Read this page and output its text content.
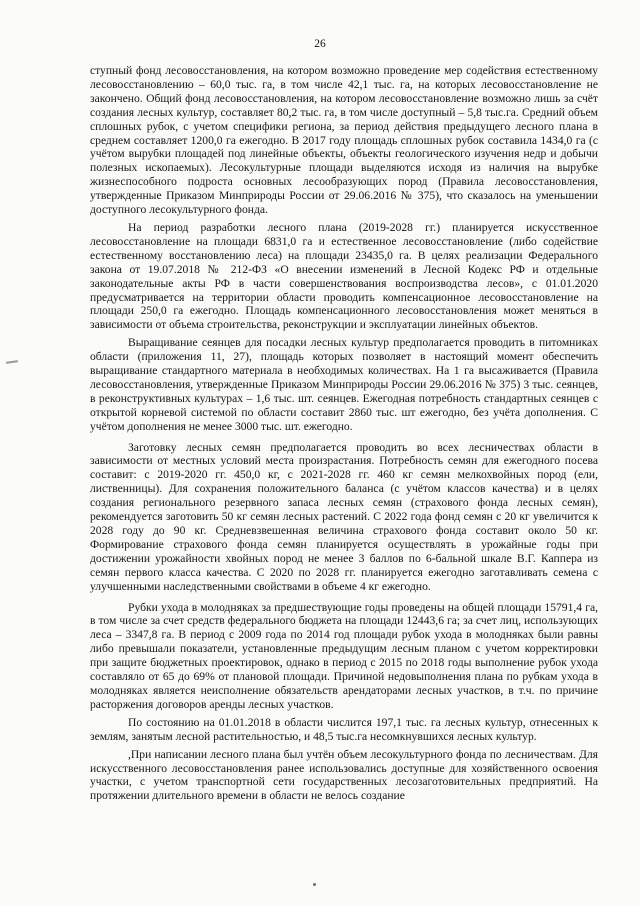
26

ступный фонд лесовосстановления, на котором возможно проведение мер содействия естественному лесовосстановлению – 60,0 тыс. га, в том числе 42,1 тыс. га, на которых лесовосстановление не закончено. Общий фонд лесовосстановления, на котором лесовосстановление возможно лишь за счёт создания лесных культур, составляет 80,2 тыс. га, в том числе доступный – 5,8 тыс.га. Средний объем сплошных рубок, с учетом специфики региона, за период действия предыдущего лесного плана в среднем составляет 1200,0 га ежегодно. В 2017 году площадь сплошных рубок составила 1434,0 га (с учётом вырубки площадей под линейные объекты, объекты геологического изучения недр и добычи полезных ископаемых). Лесокультурные площади выделяются исходя из наличия на вырубке жизнеспособного подроста основных лесообразующих пород (Правила лесовосстановления, утвержденные Приказом Минприроды России от 29.06.2016 № 375), что сказалось на уменьшении доступного лесокультурного фонда.

На период разработки лесного плана (2019-2028 гг.) планируется искусственное лесовосстановление на площади 6831,0 га и естественное лесовосстановление (либо содействие естественному восстановлению леса) на площади 23435,0 га. В целях реализации Федерального закона от 19.07.2018 № 212-ФЗ «О внесении изменений в Лесной Кодекс РФ и отдельные законодательные акты РФ в части совершенствования воспроизводства лесов», с 01.01.2020 предусматривается на территории области проводить компенсационное лесовосстановление на площади 250,0 га ежегодно. Площадь компенсационного лесовосстановления может меняться в зависимости от объема строительства, реконструкции и эксплуатации линейных объектов.

Выращивание сеянцев для посадки лесных культур предполагается проводить в питомниках области (приложения 11, 27), площадь которых позволяет в настоящий момент обеспечить выращивание стандартного материала в необходимых количествах. На 1 га высаживается (Правила лесовосстановления, утвержденные Приказом Минприроды России 29.06.2016 № 375) 3 тыс. сеянцев, в реконструктивных культурах – 1,6 тыс. шт. сеянцев. Ежегодная потребность стандартных сеянцев с открытой корневой системой по области составит 2860 тыс. шт ежегодно, без учёта дополнения. С учётом дополнения не менее 3000 тыс. шт. ежегодно.

Заготовку лесных семян предполагается проводить во всех лесничествах области в зависимости от местных условий места произрастания. Потребность семян для ежегодного посева составит: с 2019-2020 гг. 450,0 кг, с 2021-2028 гг. 460 кг семян мелкохвойных пород (ели, лиственницы). Для сохранения положительного баланса (с учётом классов качества) и в целях создания регионального резервного запаса лесных семян (страхового фонда лесных семян), рекомендуется заготовить 50 кг семян лесных растений. С 2022 года фонд семян с 20 кг увеличится к 2028 году до 90 кг. Средневзвешенная величина страхового фонда составит около 50 кг. Формирование страхового фонда семян планируется осуществлять в урожайные годы при достижении урожайности хвойных пород не менее 3 баллов по 6-бальной шкале В.Г. Каппера из семян первого класса качества. С 2020 по 2028 гг. планируется ежегодно заготавливать семена с улучшенными наследственными свойствами в объеме 4 кг ежегодно.

Рубки ухода в молодняках за предшествующие годы проведены на общей площади 15791,4 га, в том числе за счет средств федерального бюджета на площади 12443,6 га; за счет лиц, использующих леса – 3347,8 га. В период с 2009 года по 2014 год площади рубок ухода в молодняках были равны либо превышали показатели, установленные предыдущим лесным планом с учетом корректировки при защите бюджетных проектировок, однако в период с 2015 по 2018 годы выполнение рубок ухода составляло от 65 до 69% от плановой площади. Причиной недовыполнения плана по рубкам ухода в молодняках является неисполнение обязательств арендаторами лесных участков, в т.ч. по причине расторжения договоров аренды лесных участков.

По состоянию на 01.01.2018 в области числится 197,1 тыс. га лесных культур, отнесенных к землям, занятым лесной растительностью, и 48,5 тыс.га несомкнувшихся лесных культур.

,При написании лесного плана был учтён объем лесокультурного фонда по лесничествам. Для искусственного лесовосстановления ранее использовались доступные для хозяйственного освоения участки, с учетом транспортной сети государственных лесозаготовительных предприятий. На протяжении длительного времени в области не велось создание
